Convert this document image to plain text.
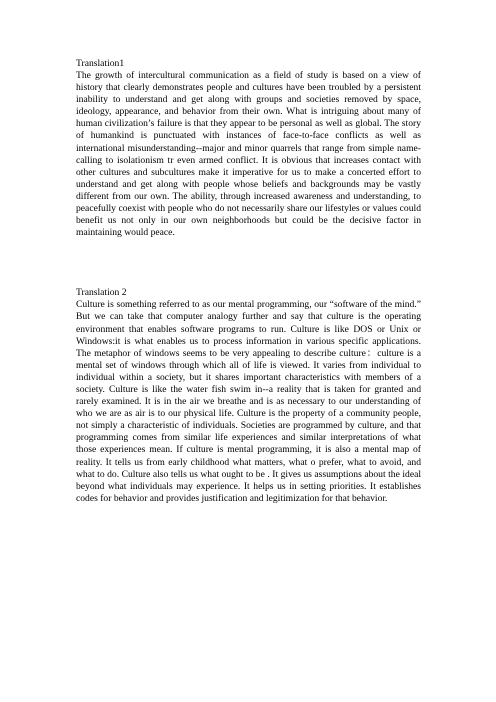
Translation1

The growth of intercultural communication as a field of study is based on a view of history that clearly demonstrates people and cultures have been troubled by a persistent inability to understand and get along with groups and societies removed by space, ideology, appearance, and behavior from their own. What is intriguing about many of human civilization’s failure is that they appear to be personal as well as global. The story of humankind is punctuated with instances of face-to-face conflicts as well as international misunderstanding--major and minor quarrels that range from simple name-calling to isolationism tr even armed conflict. It is obvious that increases contact with other cultures and subcultures make it imperative for us to make a concerted effort to understand and get along with people whose beliefs and backgrounds may be vastly different from our own. The ability, through increased awareness and understanding, to peacefully coexist with people who do not necessarily share our lifestyles or values could benefit us not only in our own neighborhoods but could be the decisive factor in maintaining would peace.

Translation 2

Culture is something referred to as our mental programming, our “software of the mind.” But we can take that computer analogy further and say that culture is the operating environment that enables software programs to run. Culture is like DOS or Unix or Windows:it is what enables us to process information in various specific applications. The metaphor of windows seems to be very appealing to describe culture：culture is a mental set of windows through which all of life is viewed. It varies from individual to individual within a society, but it shares important characteristics with members of a society. Culture is like the water fish swim in--a reality that is taken for granted and rarely examined. It is in the air we breathe and is as necessary to our understanding of who we are as air is to our physical life. Culture is the property of a community people, not simply a characteristic of individuals. Societies are programmed by culture, and that programming comes from similar life experiences and similar interpretations of what those experiences mean. If culture is mental programming, it is also a mental map of reality. It tells us from early childhood what matters, what o prefer, what to avoid, and what to do. Culture also tells us what ought to be . It gives us assumptions about the ideal beyond what individuals may experience. It helps us in setting priorities. It establishes codes for behavior and provides justification and legitimization for that behavior.
